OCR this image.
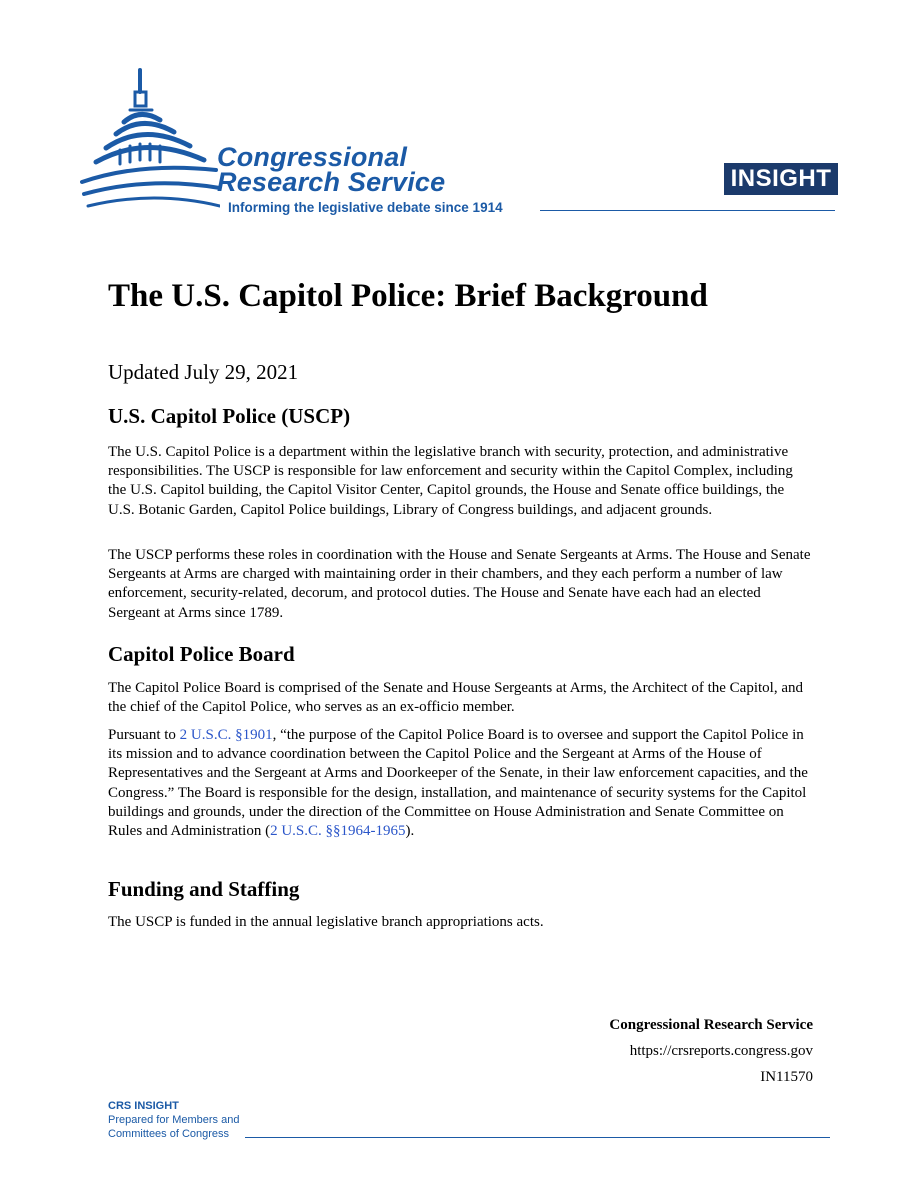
Congressional
Research Service
Informing the legislative debate since 1914
INSIGHT
The U.S. Capitol Police: Brief Background
Updated July 29, 2021
U.S. Capitol Police (USCP)

The U.S. Capitol Police is a department within the legislative branch with security, protection, and administrative responsibilities. The USCP is responsible for law enforcement and security within the Capitol Complex, including the U.S. Capitol building, the Capitol Visitor Center, Capitol grounds, the House and Senate office buildings, the U.S. Botanic Garden, Capitol Police buildings, Library of Congress buildings, and adjacent grounds.

The USCP performs these roles in coordination with the House and Senate Sergeants at Arms. The House and Senate Sergeants at Arms are charged with maintaining order in their chambers, and they each perform a number of law enforcement, security-related, decorum, and protocol duties. The House and Senate have each had an elected Sergeant at Arms since 1789.

Capitol Police Board

The Capitol Police Board is comprised of the Senate and House Sergeants at Arms, the Architect of the Capitol, and the chief of the Capitol Police, who serves as an ex-officio member.

Pursuant to 2 U.S.C. §1901, “the purpose of the Capitol Police Board is to oversee and support the Capitol Police in its mission and to advance coordination between the Capitol Police and the Sergeant at Arms of the House of Representatives and the Sergeant at Arms and Doorkeeper of the Senate, in their law enforcement capacities, and the Congress.” The Board is responsible for the design, installation, and maintenance of security systems for the Capitol buildings and grounds, under the direction of the Committee on House Administration and Senate Committee on Rules and Administration (2 U.S.C. §§1964-1965).

Funding and Staffing

The USCP is funded in the annual legislative branch appropriations acts.

Congressional Research Service
https://crsreports.congress.gov
IN11570
CRS INSIGHT
Prepared for Members and
Committees of Congress
